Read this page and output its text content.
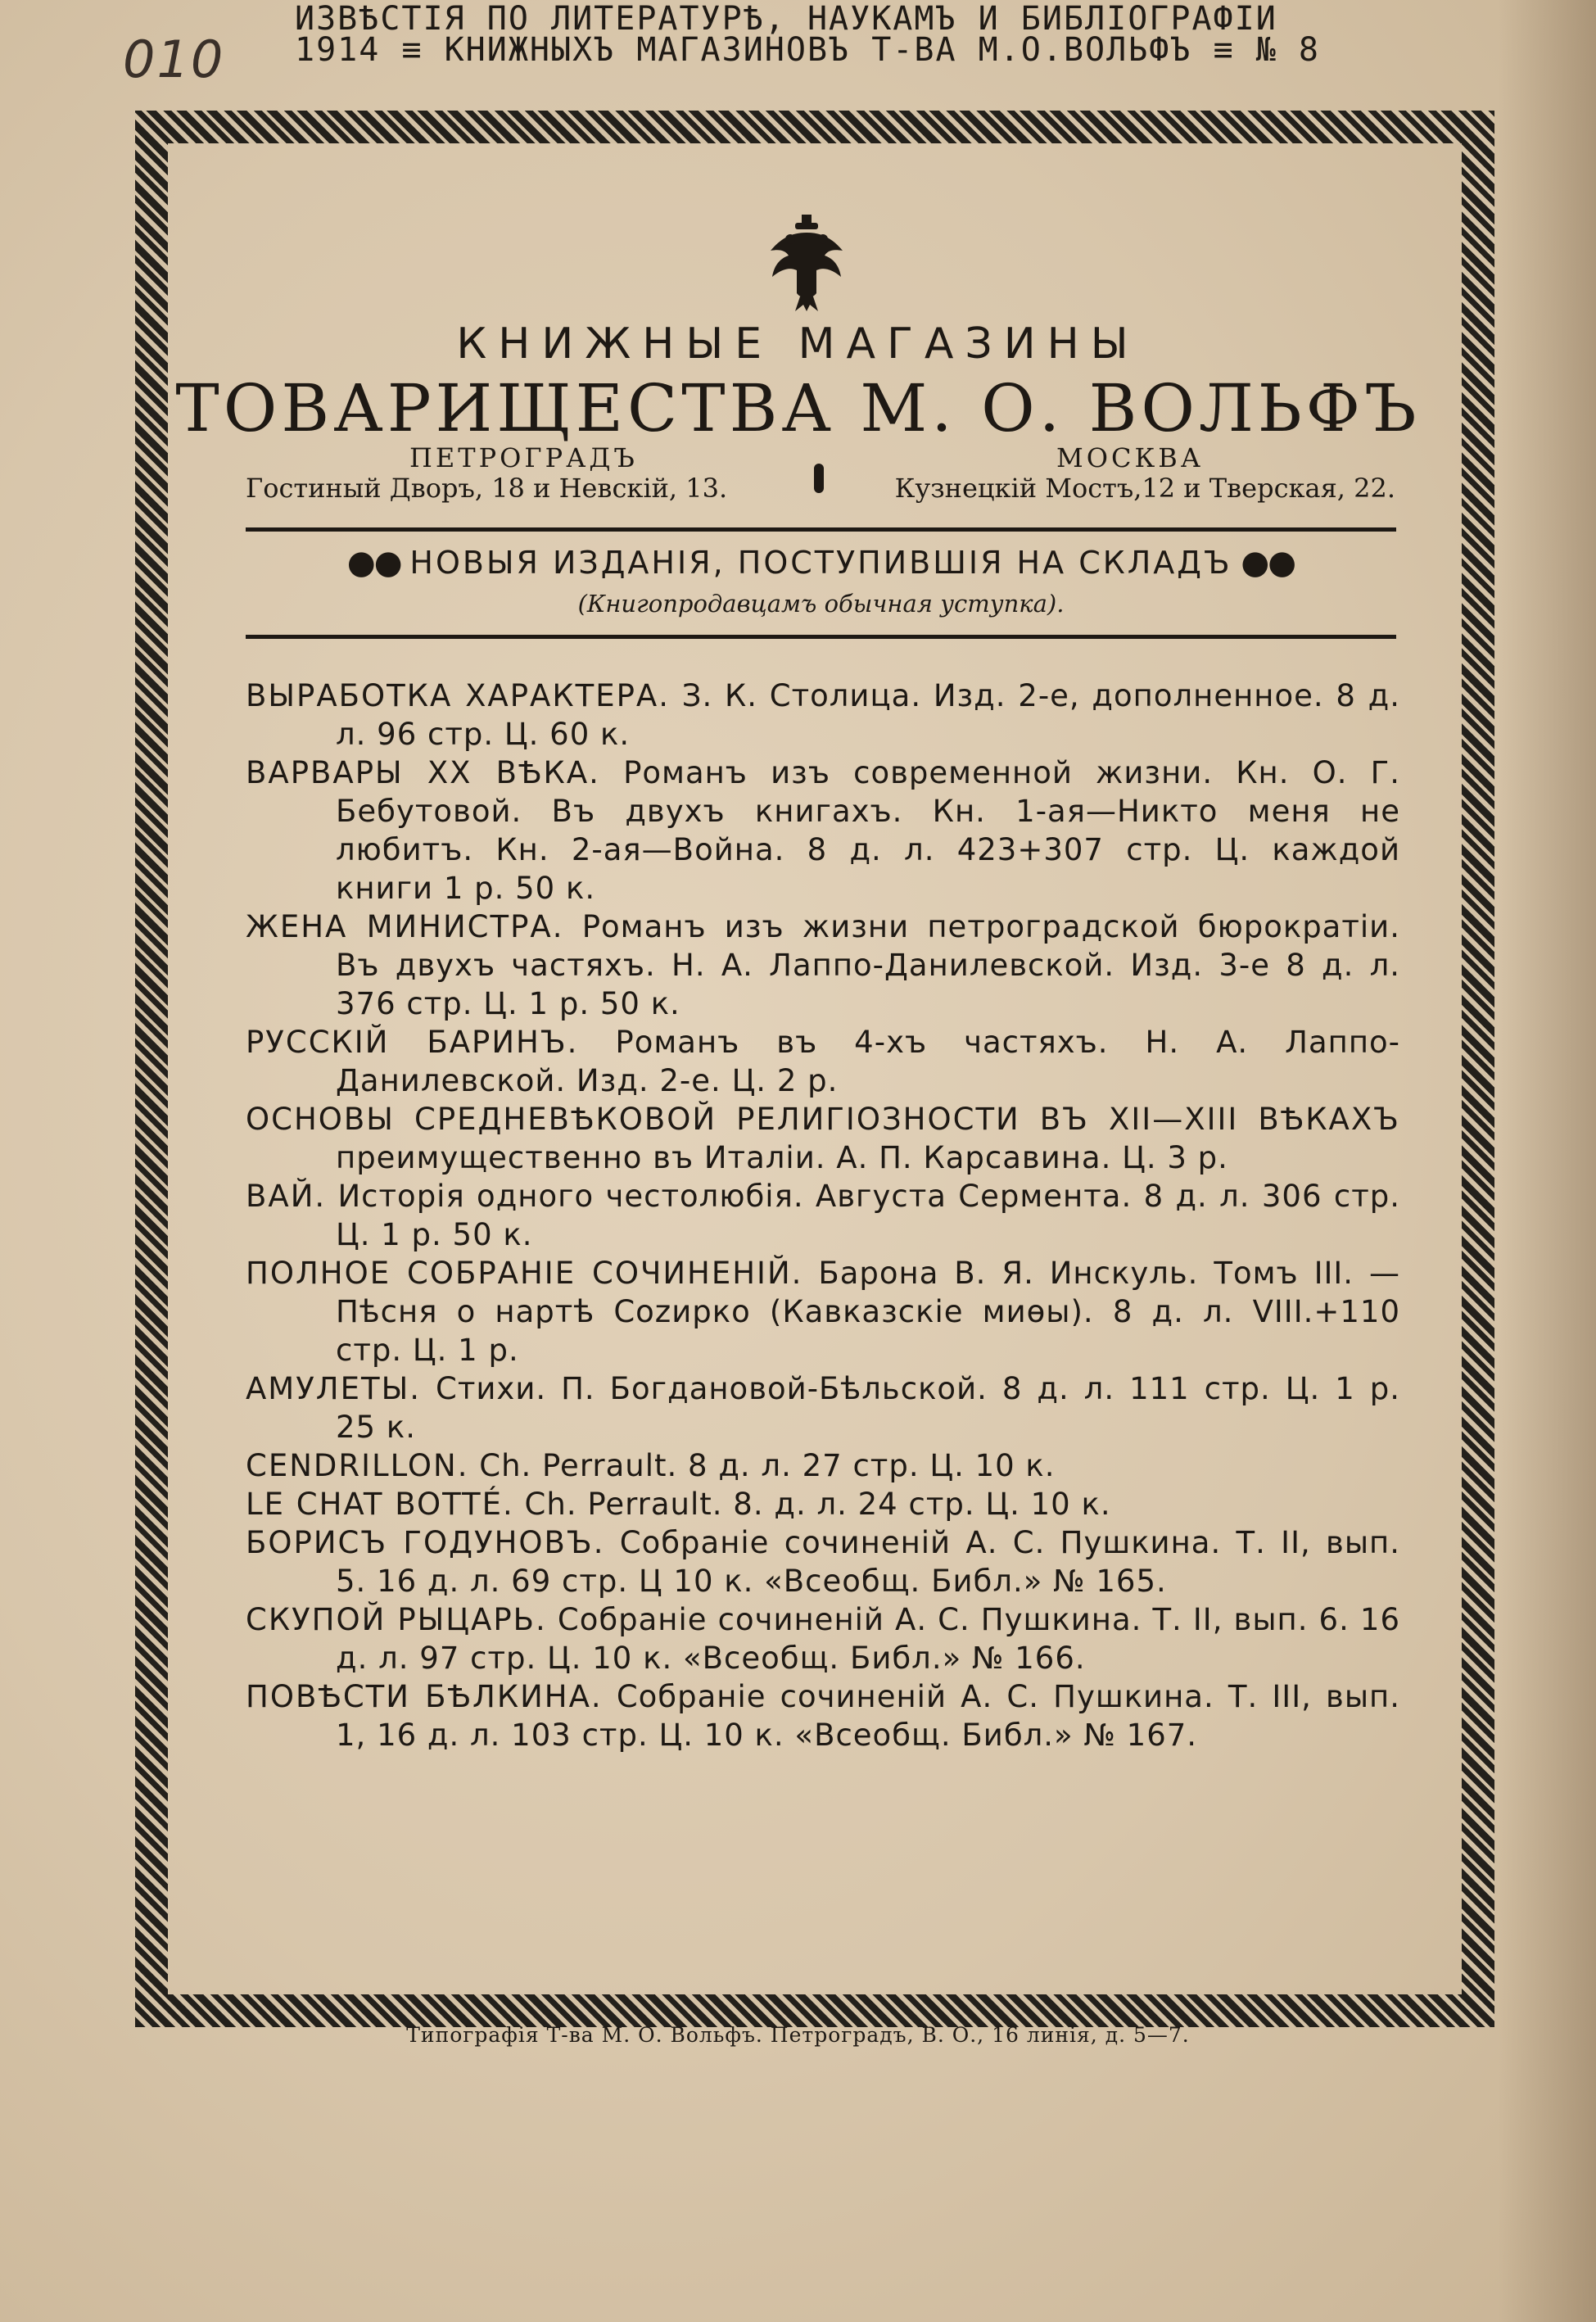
010
ИЗВѢСТІЯ ПО ЛИТЕРАТУРѢ, НАУКАМЪ И БИБЛІОГРАФІИ
1914 ≡ КНИЖНЫХЪ МАГАЗИНОВЪ Т-ВА М.О.ВОЛЬФЪ ≡ № 8
КНИЖНЫЕ МАГАЗИНЫ
ТОВАРИЩЕСТВА М. О. ВОЛЬФЪ
ПЕТРОГРАДЪ
Гостиный Дворъ, 18 и Невскій, 13.
МОСКВА
Кузнецкій Мостъ,12 и Тверская, 22.
●● НОВЫЯ ИЗДАНІЯ, ПОСТУПИВШІЯ НА СКЛАДЪ ●●
(Книгопродавцамъ обычная уступка).
ВЫРАБОТКА ХАРАКТЕРА. З. К. Столица. Изд. 2-е, дополненное. 8 д. л. 96 стр. Ц. 60 к.
ВАРВАРЫ XX ВѢКА. Романъ изъ современной жизни. Кн. О. Г. Бебутовой. Въ двухъ книгахъ. Кн. 1-ая—Никто меня не любитъ. Кн. 2-ая—Война. 8 д. л. 423+307 стр. Ц. каждой книги 1 р. 50 к.
ЖЕНА МИНИСТРА. Романъ изъ жизни петроградской бюрократіи. Въ двухъ частяхъ. Н. А. Лаппо-Данилевской. Изд. 3-е 8 д. л. 376 стр. Ц. 1 р. 50 к.
РУССКІЙ БАРИНЪ. Романъ въ 4-хъ частяхъ. Н. А. Лаппо-Данилевской. Изд. 2-е. Ц. 2 р.
ОСНОВЫ СРЕДНЕВѢКОВОЙ РЕЛИГІОЗНОСТИ ВЪ XII—XIII ВѢКАХЪ преимущественно въ Италіи. А. П. Карсавина. Ц. 3 р.
ВАЙ. Исторія одного честолюбія. Августа Сермента. 8 д. л. 306 стр. Ц. 1 р. 50 к.
ПОЛНОЕ СОБРАНІЕ СОЧИНЕНІЙ. Барона В. Я. Инскуль. Томъ III. — Пѣсня о нартѣ Сozирко (Кавказскіе миѳы). 8 д. л. VIII.+110 стр. Ц. 1 р.
АМУЛЕТЫ. Стихи. П. Богдановой-Бѣльской. 8 д. л. 111 стр. Ц. 1 р. 25 к.
CENDRILLON. Ch. Perrault. 8 д. л. 27 стр. Ц. 10 к.
LE CHAT BOTTÉ. Ch. Perrault. 8. д. л. 24 стр. Ц. 10 к.
БОРИСЪ ГОДУНОВЪ. Собраніе сочиненій А. С. Пушкина. Т. II, вып. 5. 16 д. л. 69 стр. Ц 10 к. «Всеобщ. Библ.» № 165.
СКУПОЙ РЫЦАРЬ. Собраніе сочиненій А. С. Пушкина. Т. II, вып. 6. 16 д. л. 97 стр. Ц. 10 к. «Всеобщ. Библ.» № 166.
ПОВѢСТИ БѢЛКИНА. Собраніе сочиненій А. С. Пушкина. Т. III, вып. 1, 16 д. л. 103 стр. Ц. 10 к. «Всеобщ. Библ.» № 167.
Типографія Т-ва М. О. Вольфъ. Петроградъ, В. О., 16 линія, д. 5—7.
